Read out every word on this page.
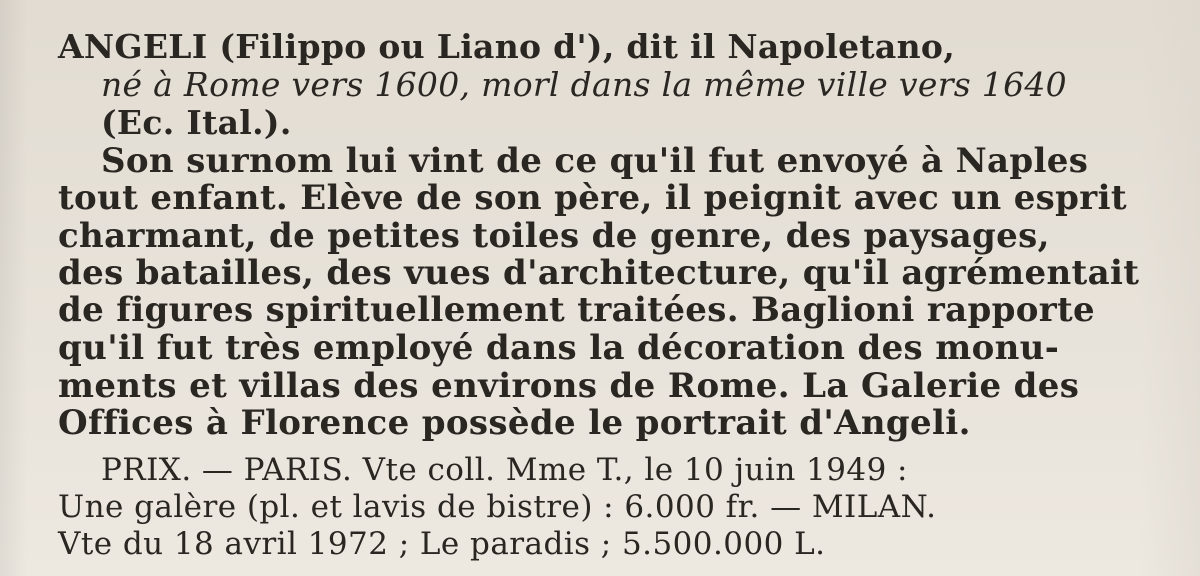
ANGELI (Filippo ou Liano d'), dit il Napoletano,
né à Rome vers 1600, morl dans la même ville vers 1640
(Ec. Ital.).
Son surnom lui vint de ce qu'il fut envoyé à Naples
tout enfant. Elève de son père, il peignit avec un esprit
charmant, de petites toiles de genre, des paysages,
des batailles, des vues d'architecture, qu'il agrémentait
de figures spirituellement traitées. Baglioni rapporte
qu'il fut très employé dans la décoration des monu-
ments et villas des environs de Rome. La Galerie des
Offices à Florence possède le portrait d'Angeli.
PRIX. — PARIS. Vte coll. Mme T., le 10 juin 1949 :
Une galère (pl. et lavis de bistre) : 6.000 fr. — MILAN.
Vte du 18 avril 1972 ; Le paradis ; 5.500.000 L.
